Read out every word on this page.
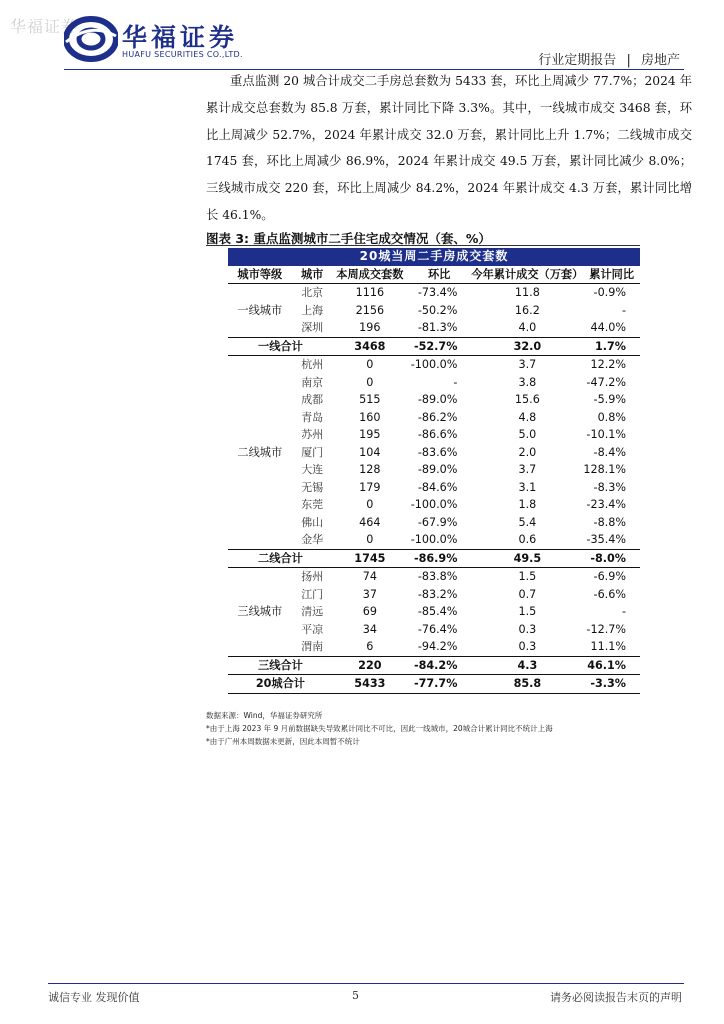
华福证券 华福证券
HUAFU SECURITIES CO.,LTD.	行业定期报告 | 房地产

重点监测 20 城合计成交二手房总套数为 5433 套，环比上周减少 77.7%；2024 年累计成交总套数为 85.8 万套，累计同比下降 3.3%。其中，一线城市成交 3468 套，环比上周减少 52.7%，2024 年累计成交 32.0 万套，累计同比上升 1.7%；二线城市成交 1745 套，环比上周减少 86.9%，2024 年累计成交 49.5 万套，累计同比减少 8.0%；三线城市成交 220 套，环比上周减少 84.2%，2024 年累计成交 4.3 万套，累计同比增长 46.1%。

图表 3: 重点监测城市二手住宅成交情况（套、%）
20城当周二手房成交套数					
城市等级	城市	本周成交套数	环比	今年累计成交（万套）	累计同比
一线城市	北京	1116	-73.4%	11.8	-0.9%
	上海	2156	-50.2%	16.2	-
	深圳	196	-81.3%	4.0	44.0%
一线合计		3468	-52.7%	32.0	1.7%
二线城市	杭州	0	-100.0%	3.7	12.2%
	南京	0	-	3.8	-47.2%
	成都	515	-89.0%	15.6	-5.9%
	青岛	160	-86.2%	4.8	0.8%
	苏州	195	-86.6%	5.0	-10.1%
	厦门	104	-83.6%	2.0	-8.4%
	大连	128	-89.0%	3.7	128.1%
	无锡	179	-84.6%	3.1	-8.3%
	东莞	0	-100.0%	1.8	-23.4%
	佛山	464	-67.9%	5.4	-8.8%
	金华	0	-100.0%	0.6	-35.4%
二线合计		1745	-86.9%	49.5	-8.0%
三线城市	扬州	74	-83.8%	1.5	-6.9%
	江门	37	-83.2%	0.7	-6.6%
	清远	69	-85.4%	1.5	-
	平凉	34	-76.4%	0.3	-12.7%
	渭南	6	-94.2%	0.3	11.1%
三线合计		220	-84.2%	4.3	46.1%
20城合计		5433	-77.7%	85.8	-3.3%
数据来源：Wind，华福证券研究所
*由于上海 2023 年 9 月前数据缺失导致累计同比不可比，因此一线城市，20城合计累计同比不统计上海
*由于广州本周数据未更新，因此本周暂不统计
诚信专业 发现价值	5	请务必阅读报告末页的声明
